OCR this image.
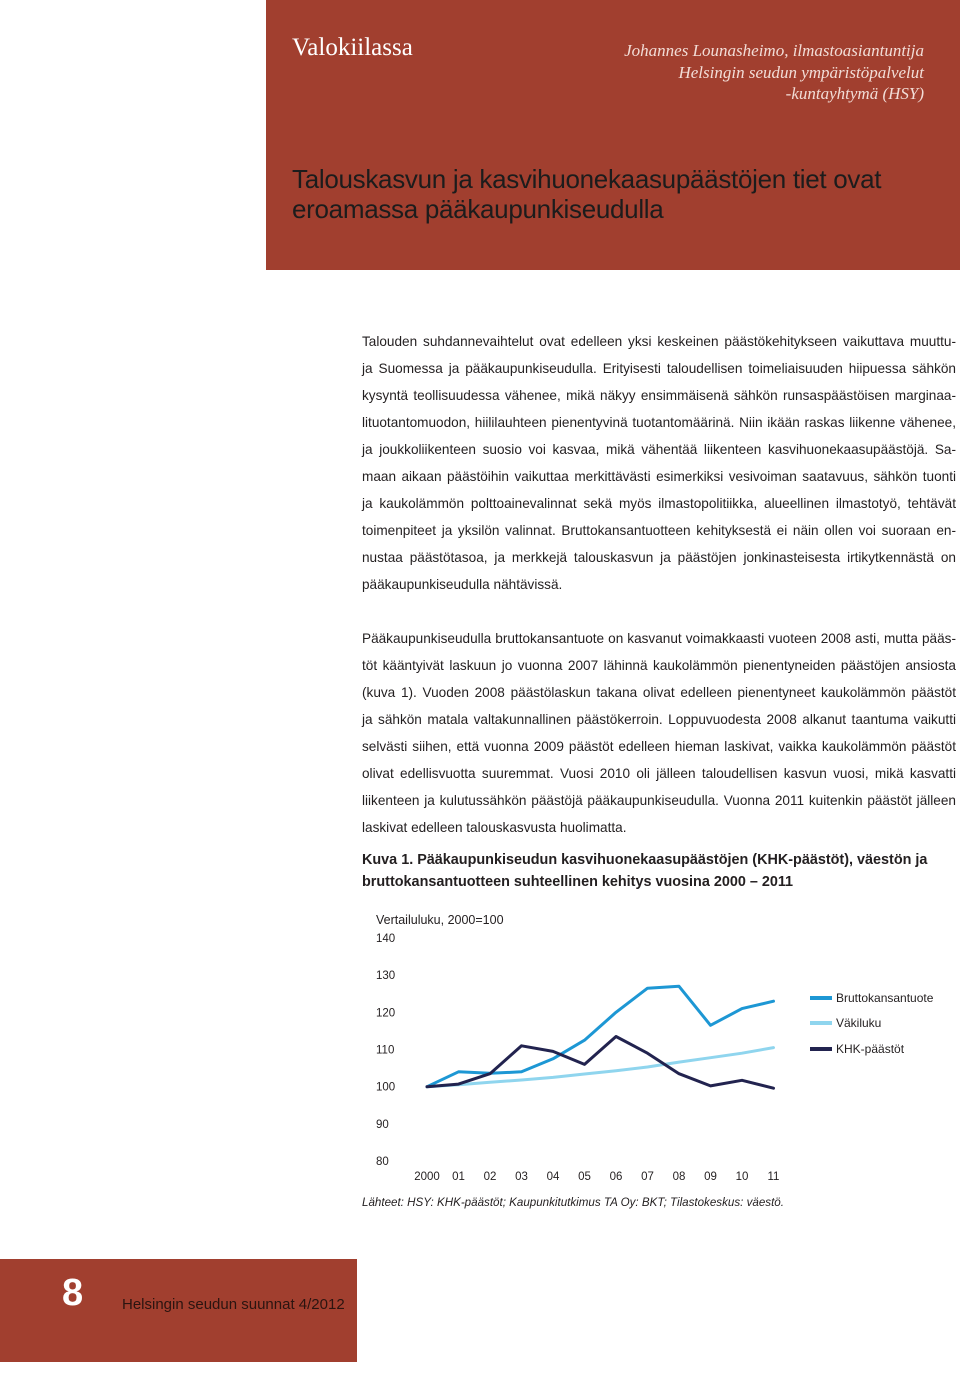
Valokiilassa	Johannes Lounasheimo, ilmastoasiantuntija
Helsingin seudun ympäristöpalvelut
-kuntayhtymä (HSY)
Talouskasvun ja kasvihuonekaasupäästöjen tiet ovat
eroamassa pääkaupunkiseudulla
Talouden suhdannevaihtelut ovat edelleen yksi keskeinen päästökehitykseen vaikuttava muuttu-
ja Suomessa ja pääkaupunkiseudulla. Erityisesti taloudellisen toimeliaisuuden hiipuessa sähkön
kysyntä teollisuudessa vähenee, mikä näkyy ensimmäisenä sähkön runsaspäästöisen marginaa-
lituotantomuodon, hiililauhteen pienentyvinä tuotantomäärinä. Niin ikään raskas liikenne vähenee,
ja joukkoliikenteen suosio voi kasvaa, mikä vähentää liikenteen kasvihuonekaasupäästöjä. Sa-
maan aikaan päästöihin vaikuttaa merkittävästi esimerkiksi vesivoiman saatavuus, sähkön tuonti
ja kaukolämmön polttoainevalinnat sekä myös ilmastopolitiikka, alueellinen ilmastotyö, tehtävät
toimenpiteet ja yksilön valinnat. Bruttokansantuotteen kehityksestä ei näin ollen voi suoraan en-
nustaa päästötasoa, ja merkkejä talouskasvun ja päästöjen jonkinasteisesta irtikytkennästä on
pääkaupunkiseudulla nähtävissä.
Pääkaupunkiseudulla bruttokansantuote on kasvanut voimakkaasti vuoteen 2008 asti, mutta pääs-
töt kääntyivät laskuun jo vuonna 2007 lähinnä kaukolämmön pienentyneiden päästöjen ansiosta
(kuva 1). Vuoden 2008 päästölaskun takana olivat edelleen pienentyneet kaukolämmön päästöt
ja sähkön matala valtakunnallinen päästökerroin. Loppuvuodesta 2008 alkanut taantuma vaikutti
selvästi siihen, että vuonna 2009 päästöt edelleen hieman laskivat, vaikka kaukolämmön päästöt
olivat edellisvuotta suuremmat. Vuosi 2010 oli jälleen taloudellisen kasvun vuosi, mikä kasvatti
liikenteen ja kulutussähkön päästöjä pääkaupunkiseudulla. Vuonna 2011 kuitenkin päästöt jälleen
laskivat edelleen talouskasvusta huolimatta.
Kuva 1. Pääkaupunkiseudun kasvihuonekaasupäästöjen (KHK-päästöt), väestön ja
bruttokansantuotteen suhteellinen kehitys vuosina 2000 – 2011
Vertailuluku, 2000=100
140
130
120
110
100
90
80
2000 01 02 03 04 05 06 07 08 09 10 11
Bruttokansantuote
Väkiluku
KHK-päästöt
Lähteet: HSY: KHK-päästöt; Kaupunkitutkimus TA Oy: BKT; Tilastokeskus: väestö.
8	Helsingin seudun suunnat 4/2012
